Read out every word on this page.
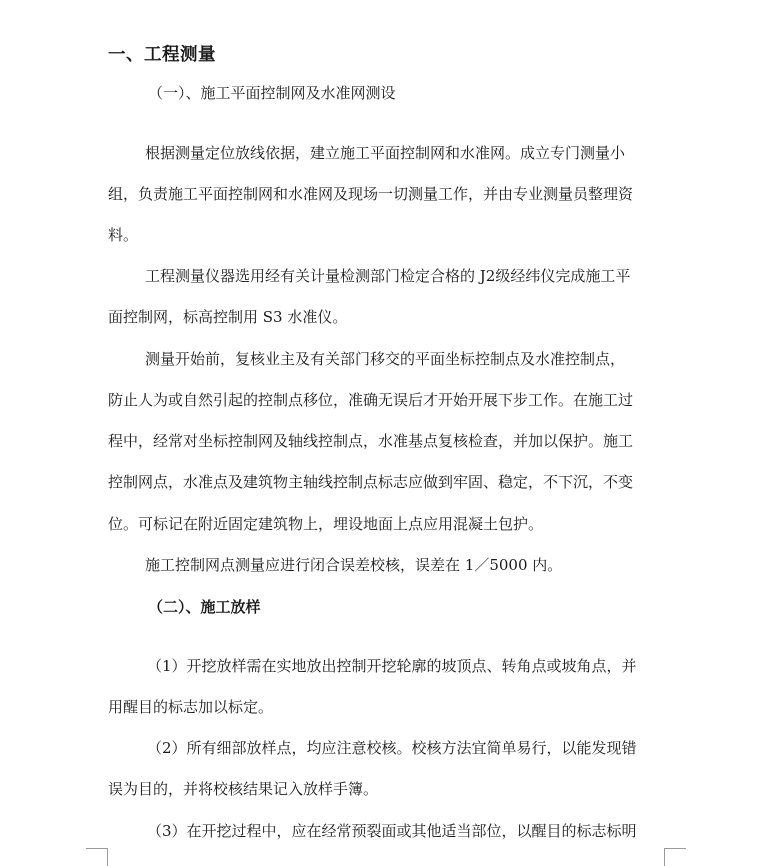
一、工程测量
（一）、施工平面控制网及水准网测设
根据测量定位放线依据，建立施工平面控制网和水准网。成立专门测量小
组，负责施工平面控制网和水准网及现场一切测量工作，并由专业测量员整理资
料。
工程测量仪器选用经有关计量检测部门检定合格的 J2级经纬仪完成施工平
面控制网，标高控制用 S3 水准仪。
测量开始前，复核业主及有关部门移交的平面坐标控制点及水准控制点，
防止人为或自然引起的控制点移位，准确无误后才开始开展下步工作。在施工过
程中，经常对坐标控制网及轴线控制点，水准基点复核检查，并加以保护。施工
控制网点，水准点及建筑物主轴线控制点标志应做到牢固、稳定，不下沉，不变
位。可标记在附近固定建筑物上，埋设地面上点应用混凝土包护。
施工控制网点测量应进行闭合误差校核，误差在 1／5000 内。
（二）、施工放样
（1）开挖放样需在实地放出控制开挖轮廓的坡顶点、转角点或坡角点，并
用醒目的标志加以标定。
（2）所有细部放样点，均应注意校核。校核方法宜简单易行，以能发现错
误为目的，并将校核结果记入放样手簿。
（3）在开挖过程中，应在经常预裂面或其他适当部位，以醒目的标志标明
